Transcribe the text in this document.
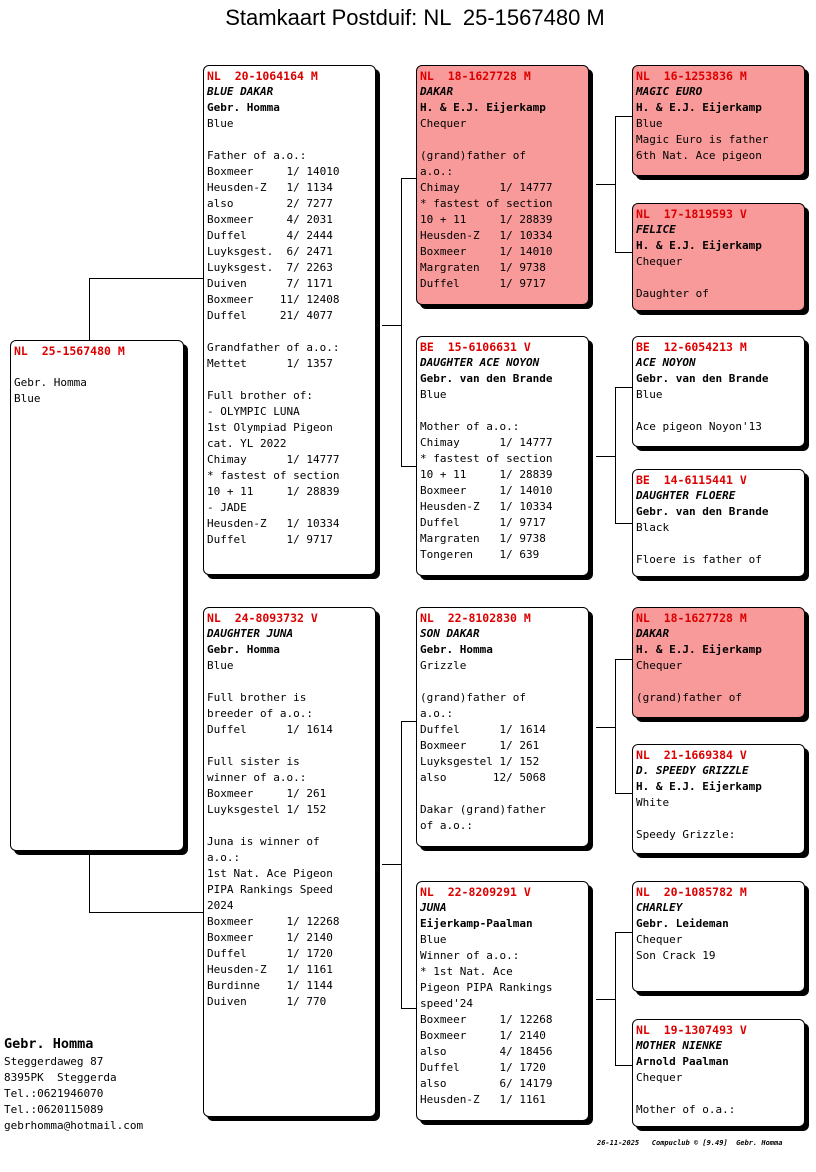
Stamkaart Postduif: NL  25-1567480 M
NL  25-1567480 M
Gebr. Homma
Blue
NL  20-1064164 M
BLUE DAKAR
Gebr. Homma
Blue
Father of a.o.:
Boxmeer     1/ 14010
Heusden-Z   1/ 1134
also        2/ 7277
Boxmeer     4/ 2031
Duffel      4/ 2444
Luyksgest.  6/ 2471
Luyksgest.  7/ 2263
Duiven      7/ 1171
Boxmeer    11/ 12408
Duffel     21/ 4077
Grandfather of a.o.:
Mettet      1/ 1357
Full brother of:
- OLYMPIC LUNA
1st Olympiad Pigeon
cat. YL 2022
Chimay      1/ 14777
* fastest of section
10 + 11     1/ 28839
- JADE
Heusden-Z   1/ 10334
Duffel      1/ 9717
NL  24-8093732 V
DAUGHTER JUNA
Gebr. Homma
Blue
Full brother is
breeder of a.o.:
Duffel      1/ 1614
Full sister is
winner of a.o.:
Boxmeer     1/ 261
Luyksgestel 1/ 152
Juna is winner of
a.o.:
1st Nat. Ace Pigeon
PIPA Rankings Speed
2024
Boxmeer     1/ 12268
Boxmeer     1/ 2140
Duffel      1/ 1720
Heusden-Z   1/ 1161
Burdinne    1/ 1144
Duiven      1/ 770
NL  18-1627728 M
DAKAR
H. & E.J. Eijerkamp
Chequer
(grand)father of
a.o.:
Chimay      1/ 14777
* fastest of section
10 + 11     1/ 28839
Heusden-Z   1/ 10334
Boxmeer     1/ 14010
Margraten   1/ 9738
Duffel      1/ 9717
BE  15-6106631 V
DAUGHTER ACE NOYON
Gebr. van den Brande
Blue
Mother of a.o.:
Chimay      1/ 14777
* fastest of section
10 + 11     1/ 28839
Boxmeer     1/ 14010
Heusden-Z   1/ 10334
Duffel      1/ 9717
Margraten   1/ 9738
Tongeren    1/ 639
NL  22-8102830 M
SON DAKAR
Gebr. Homma
Grizzle
(grand)father of
a.o.:
Duffel      1/ 1614
Boxmeer     1/ 261
Luyksgestel 1/ 152
also       12/ 5068
Dakar (grand)father
of a.o.:
NL  22-8209291 V
JUNA
Eijerkamp-Paalman
Blue
Winner of a.o.:
* 1st Nat. Ace
Pigeon PIPA Rankings
speed'24
Boxmeer     1/ 12268
Boxmeer     1/ 2140
also        4/ 18456
Duffel      1/ 1720
also        6/ 14179
Heusden-Z   1/ 1161
NL  16-1253836 M
MAGIC EURO
H. & E.J. Eijerkamp
Blue
Magic Euro is father
6th Nat. Ace pigeon
NL  17-1819593 V
FELICE
H. & E.J. Eijerkamp
Chequer
Daughter of
BE  12-6054213 M
ACE NOYON
Gebr. van den Brande
Blue
Ace pigeon Noyon'13
BE  14-6115441 V
DAUGHTER FLOERE
Gebr. van den Brande
Black
Floere is father of
NL  18-1627728 M
DAKAR
H. & E.J. Eijerkamp
Chequer
(grand)father of
NL  21-1669384 V
D. SPEEDY GRIZZLE
H. & E.J. Eijerkamp
White
Speedy Grizzle:
NL  20-1085782 M
CHARLEY
Gebr. Leideman
Chequer
Son Crack 19
NL  19-1307493 V
MOTHER NIENKE
Arnold Paalman
Chequer
Mother of o.a.:
Gebr. Homma
Steggerdaweg 87
8395PK  Steggerda
Tel.:0621946070
Tel.:0620115089
gebrhomma@hotmail.com
26-11-2025   Compuclub © [9.49]  Gebr. Homma
